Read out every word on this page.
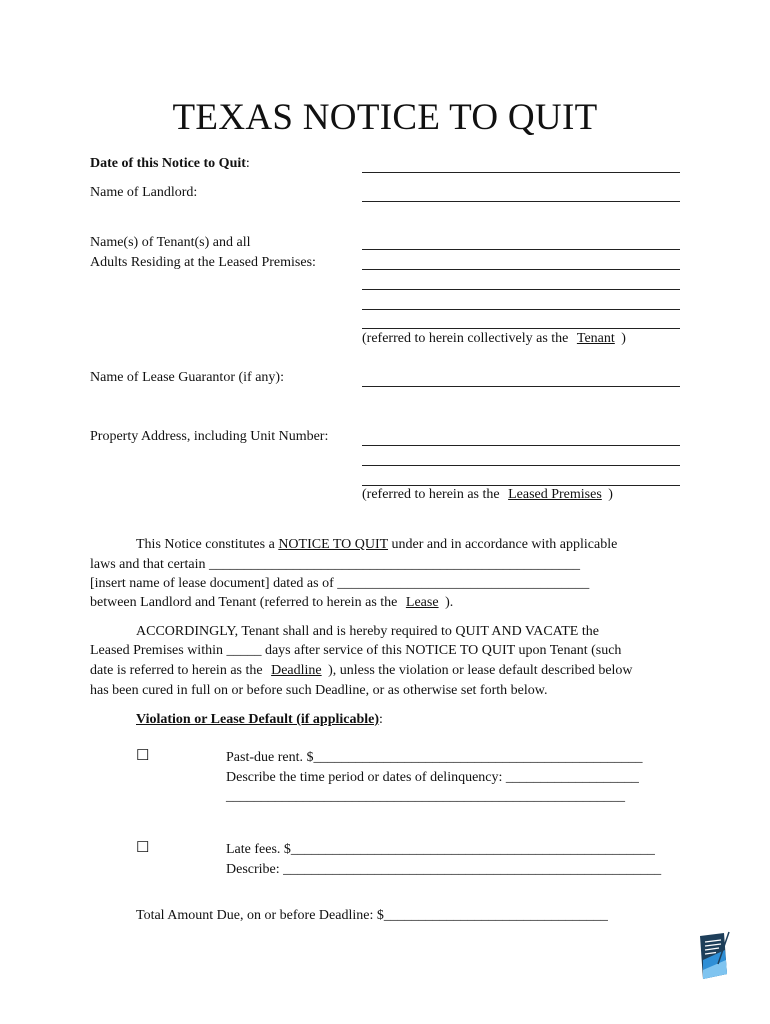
TEXAS NOTICE TO QUIT
Date of this Notice to Quit:
Name of Landlord:
Name(s) of Tenant(s) and all
Adults Residing at the Leased Premises:
(referred to herein collectively as the Tenant )
Name of Lease Guarantor (if any):
Property Address, including Unit Number:
(referred to herein as the Leased Premises )
This Notice constitutes a NOTICE TO QUIT under and in accordance with applicable
laws and that certain _____________________________________________________
[insert name of lease document] dated as of ____________________________________
between Landlord and Tenant (referred to herein as the Lease ).
ACCORDINGLY, Tenant shall and is hereby required to QUIT AND VACATE the
Leased Premises within _____ days after service of this NOTICE TO QUIT upon Tenant (such
date is referred to herein as the Deadline ), unless the violation or lease default described below
has been cured in full on or before such Deadline, or as otherwise set forth below.
Violation or Lease Default (if applicable):
☐	Past-due rent. $_______________________________________________
Describe the time period or dates of delinquency: ___________________
_________________________________________________________
☐	Late fees. $____________________________________________________
Describe: ______________________________________________________
Total Amount Due, on or before Deadline: $________________________________
